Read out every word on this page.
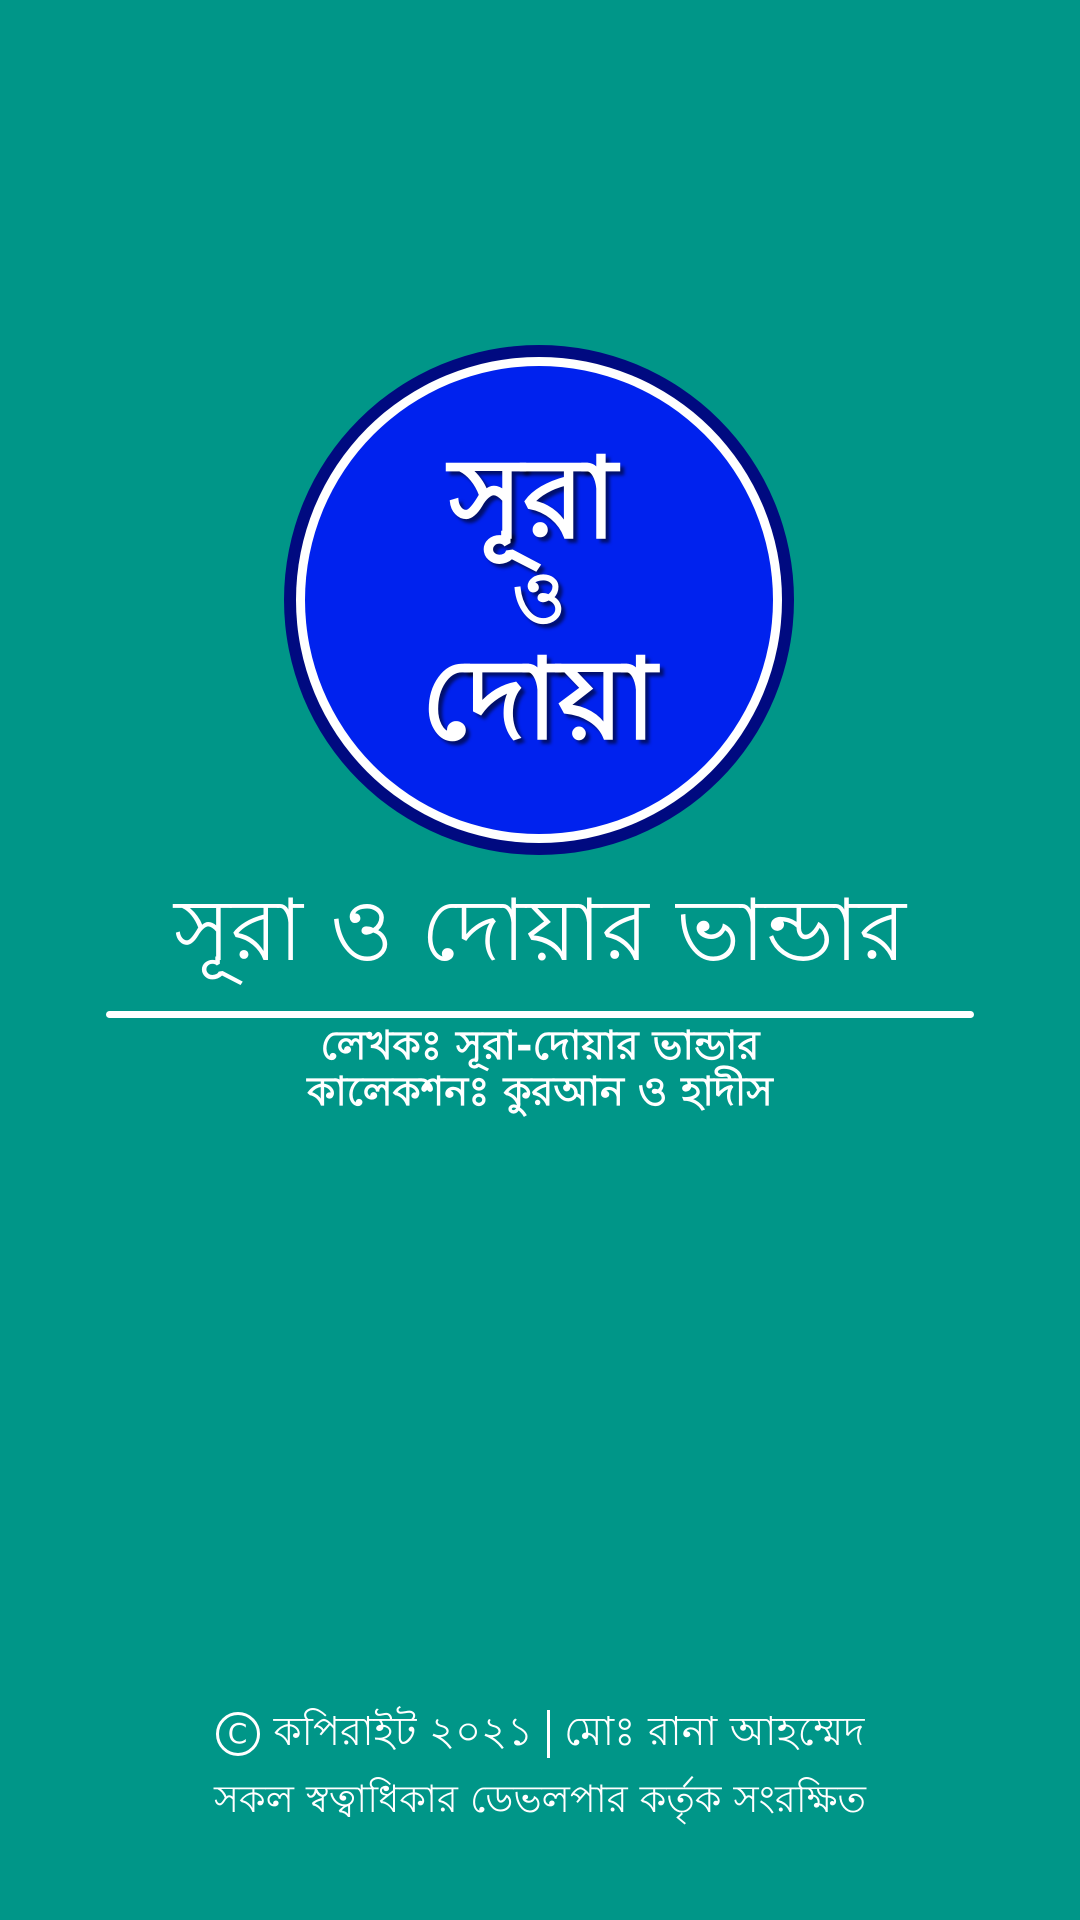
সূরা
ও
দোয়া
সূরা ও দোয়ার ভান্ডার
লেখকঃ সূরা-দোয়ার ভান্ডার
কালেকশনঃ কুরআন ও হাদীস
C কপিরাইট ২০২১ মোঃ রানা আহম্মেদ
সকল স্বত্বাধিকার ডেভলপার কর্তৃক সংরক্ষিত
